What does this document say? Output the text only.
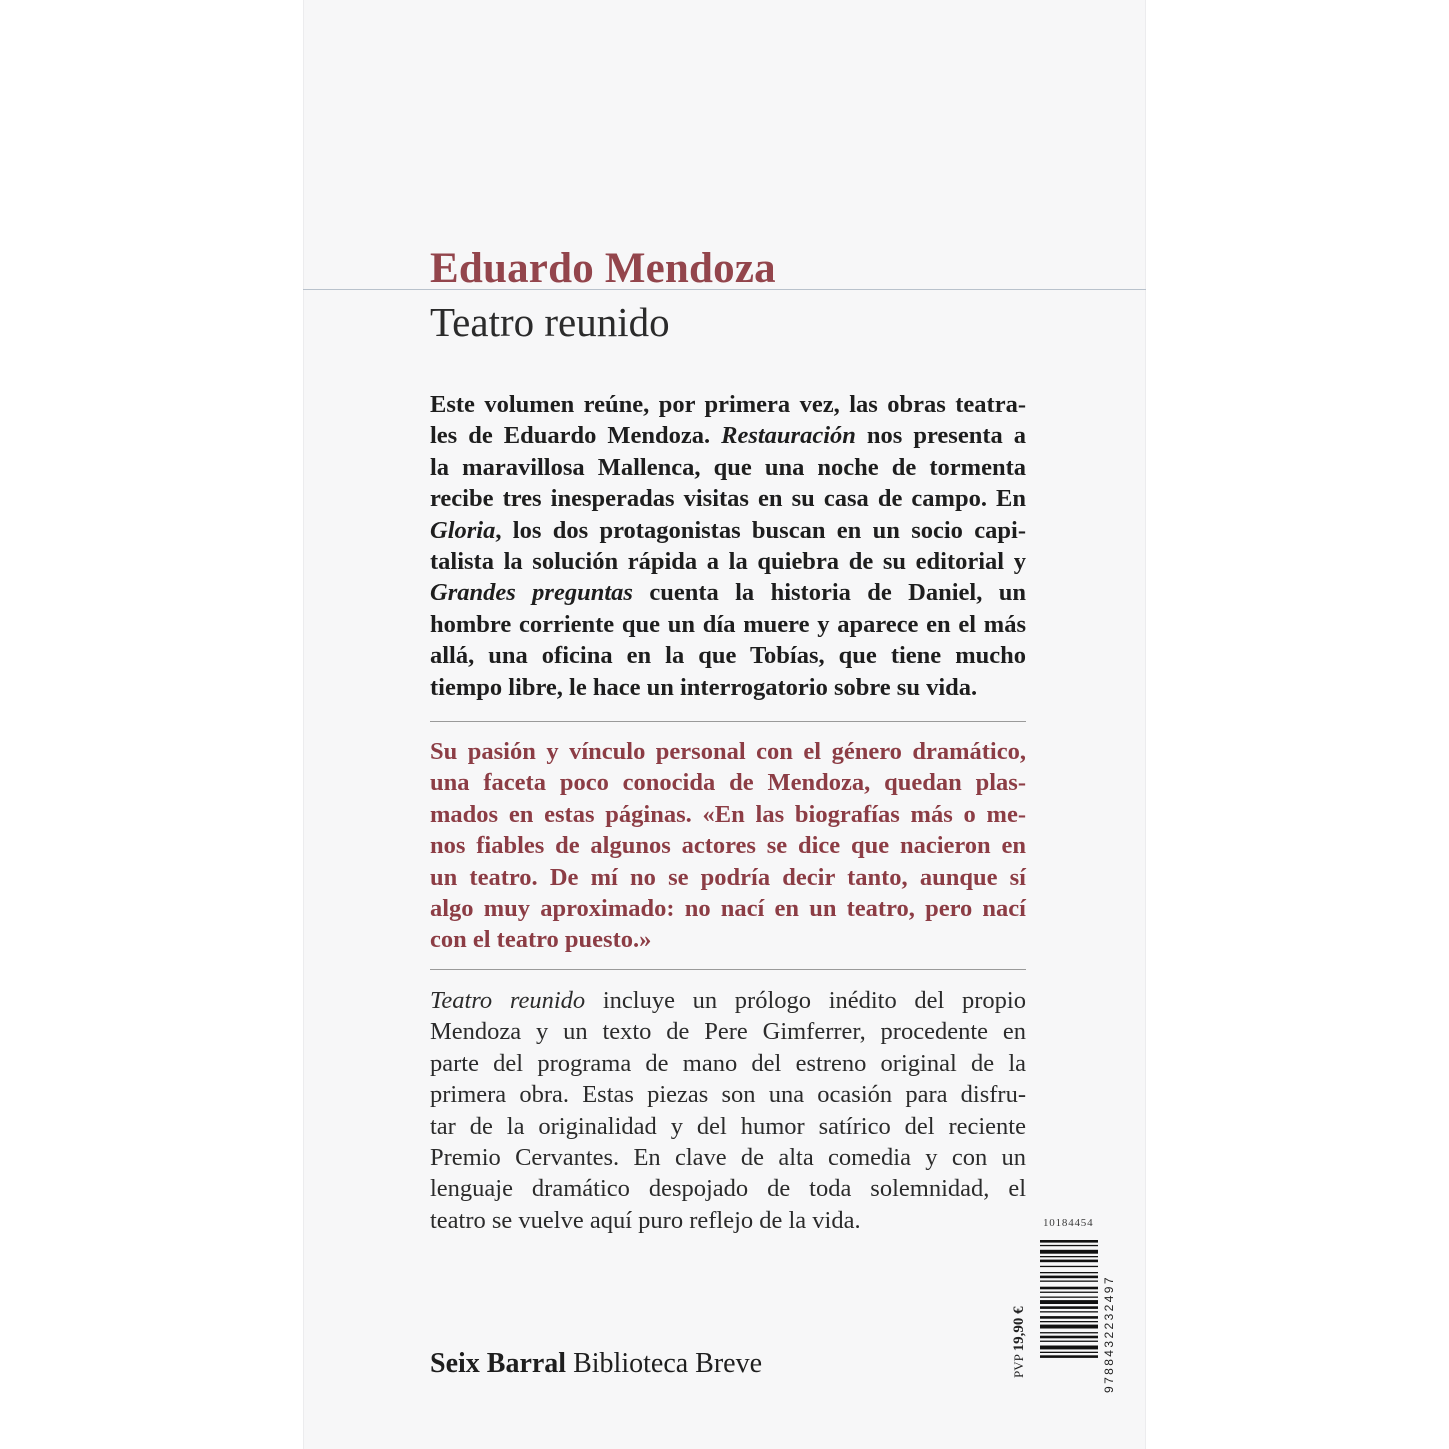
Eduardo Mendoza
Teatro reunido

Este volumen reúne, por primera vez, las obras teatra-
les de Eduardo Mendoza. Restauración nos presenta a
la maravillosa Mallenca, que una noche de tormenta
recibe tres inesperadas visitas en su casa de campo. En
Gloria, los dos protagonistas buscan en un socio capi-
talista la solución rápida a la quiebra de su editorial y
Grandes preguntas cuenta la historia de Daniel, un
hombre corriente que un día muere y aparece en el más
allá, una oficina en la que Tobías, que tiene mucho
tiempo libre, le hace un interrogatorio sobre su vida.

Su pasión y vínculo personal con el género dramático,
una faceta poco conocida de Mendoza, quedan plas-
mados en estas páginas. «En las biografías más o me-
nos fiables de algunos actores se dice que nacieron en
un teatro. De mí no se podría decir tanto, aunque sí
algo muy aproximado: no nací en un teatro, pero nací
con el teatro puesto.»

Teatro reunido incluye un prólogo inédito del propio
Mendoza y un texto de Pere Gimferrer, procedente en
parte del programa de mano del estreno original de la
primera obra. Estas piezas son una ocasión para disfru-
tar de la originalidad y del humor satírico del reciente
Premio Cervantes. En clave de alta comedia y con un
lenguaje dramático despojado de toda solemnidad, el
teatro se vuelve aquí puro reflejo de la vida.

Seix Barral Biblioteca Breve
10184454
PVP 19,90 €	9788432232497
